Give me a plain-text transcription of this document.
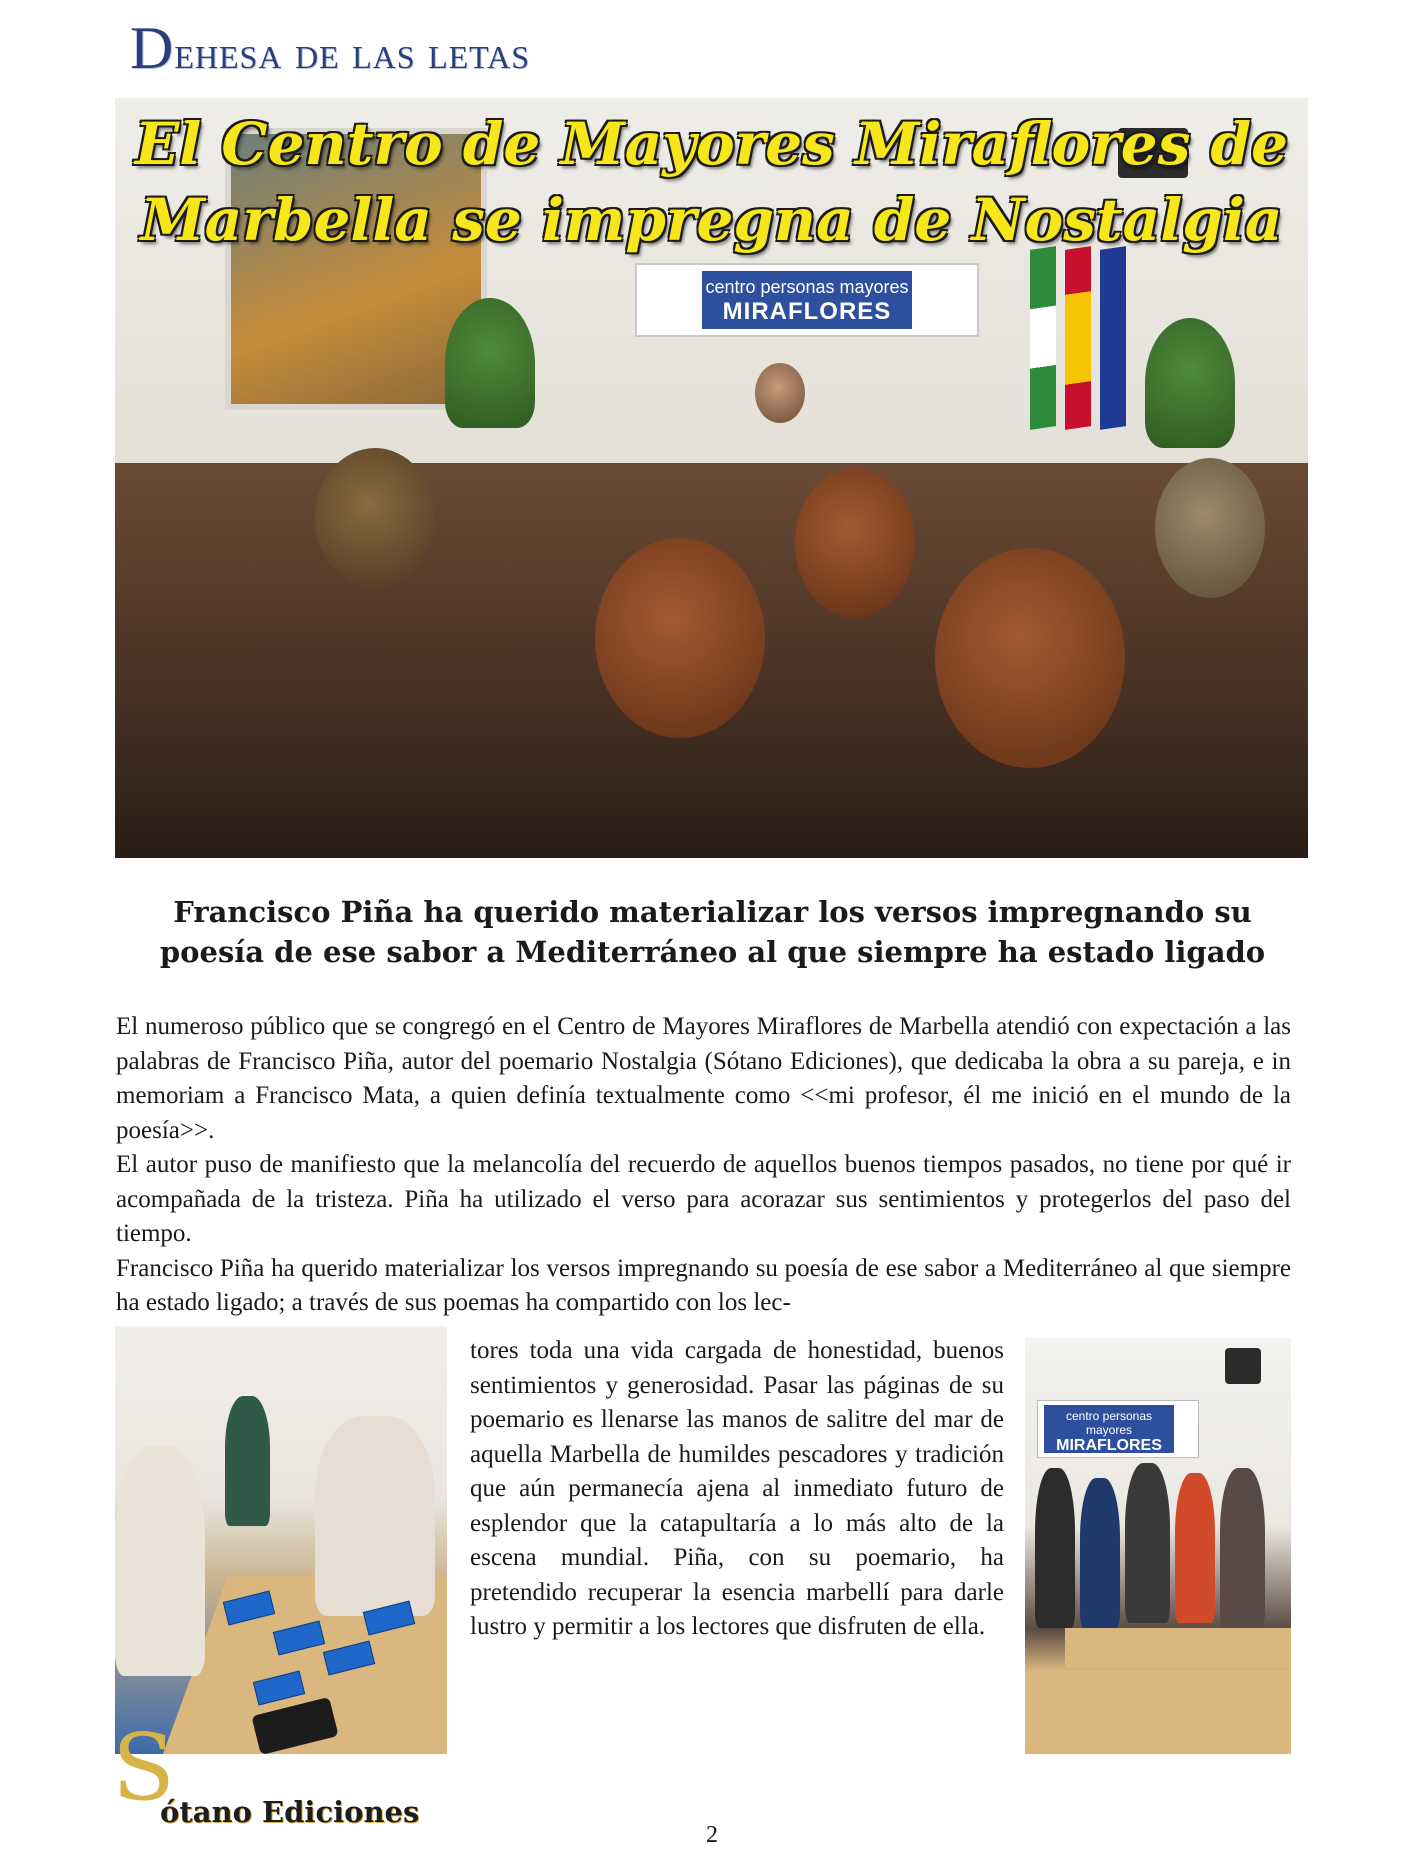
Dehesa de las letas
centro personas mayores
MIRAFLORES
El Centro de Mayores Miraflores de
Marbella se impregna de Nostalgia
Francisco Piña ha querido materializar los versos impregnando su
poesía de ese sabor a Mediterráneo al que siempre ha estado ligado

El numeroso público que se congregó en el Centro de Mayores Miraflores de Marbella atendió con expectación a las palabras de Francisco Piña, autor del poemario Nostalgia (Sótano Ediciones), que dedicaba la obra a su pareja, e in memoriam a Francisco Mata, a quien definía textualmente como <<mi profesor, él me inició en el mundo de la poesía>>.

El autor puso de manifiesto que la melancolía del recuerdo de aquellos buenos tiempos pasados, no tiene por qué ir acompañada de la tristeza. Piña ha utilizado el verso para acorazar sus sentimientos y protegerlos del paso del tiempo.

Francisco Piña ha querido materializar los versos impregnando su poesía de ese sabor a Mediterráneo al que siempre ha estado ligado; a través de sus poemas ha compartido con los lec-

tores toda una vida cargada de honestidad, buenos sentimientos y generosidad. Pasar las páginas de su poemario es llenarse las manos de salitre del mar de aquella Marbella de humildes pescadores y tradición que aún permanecía ajena al inmediato futuro de esplendor que la catapultaría a lo más alto de la escena mundial. Piña, con su poemario, ha pretendido recuperar la esencia marbellí para darle lustro y permitir a los lectores que disfruten de ella.
centro personas mayores
MIRAFLORES
S
ótano Ediciones
2
